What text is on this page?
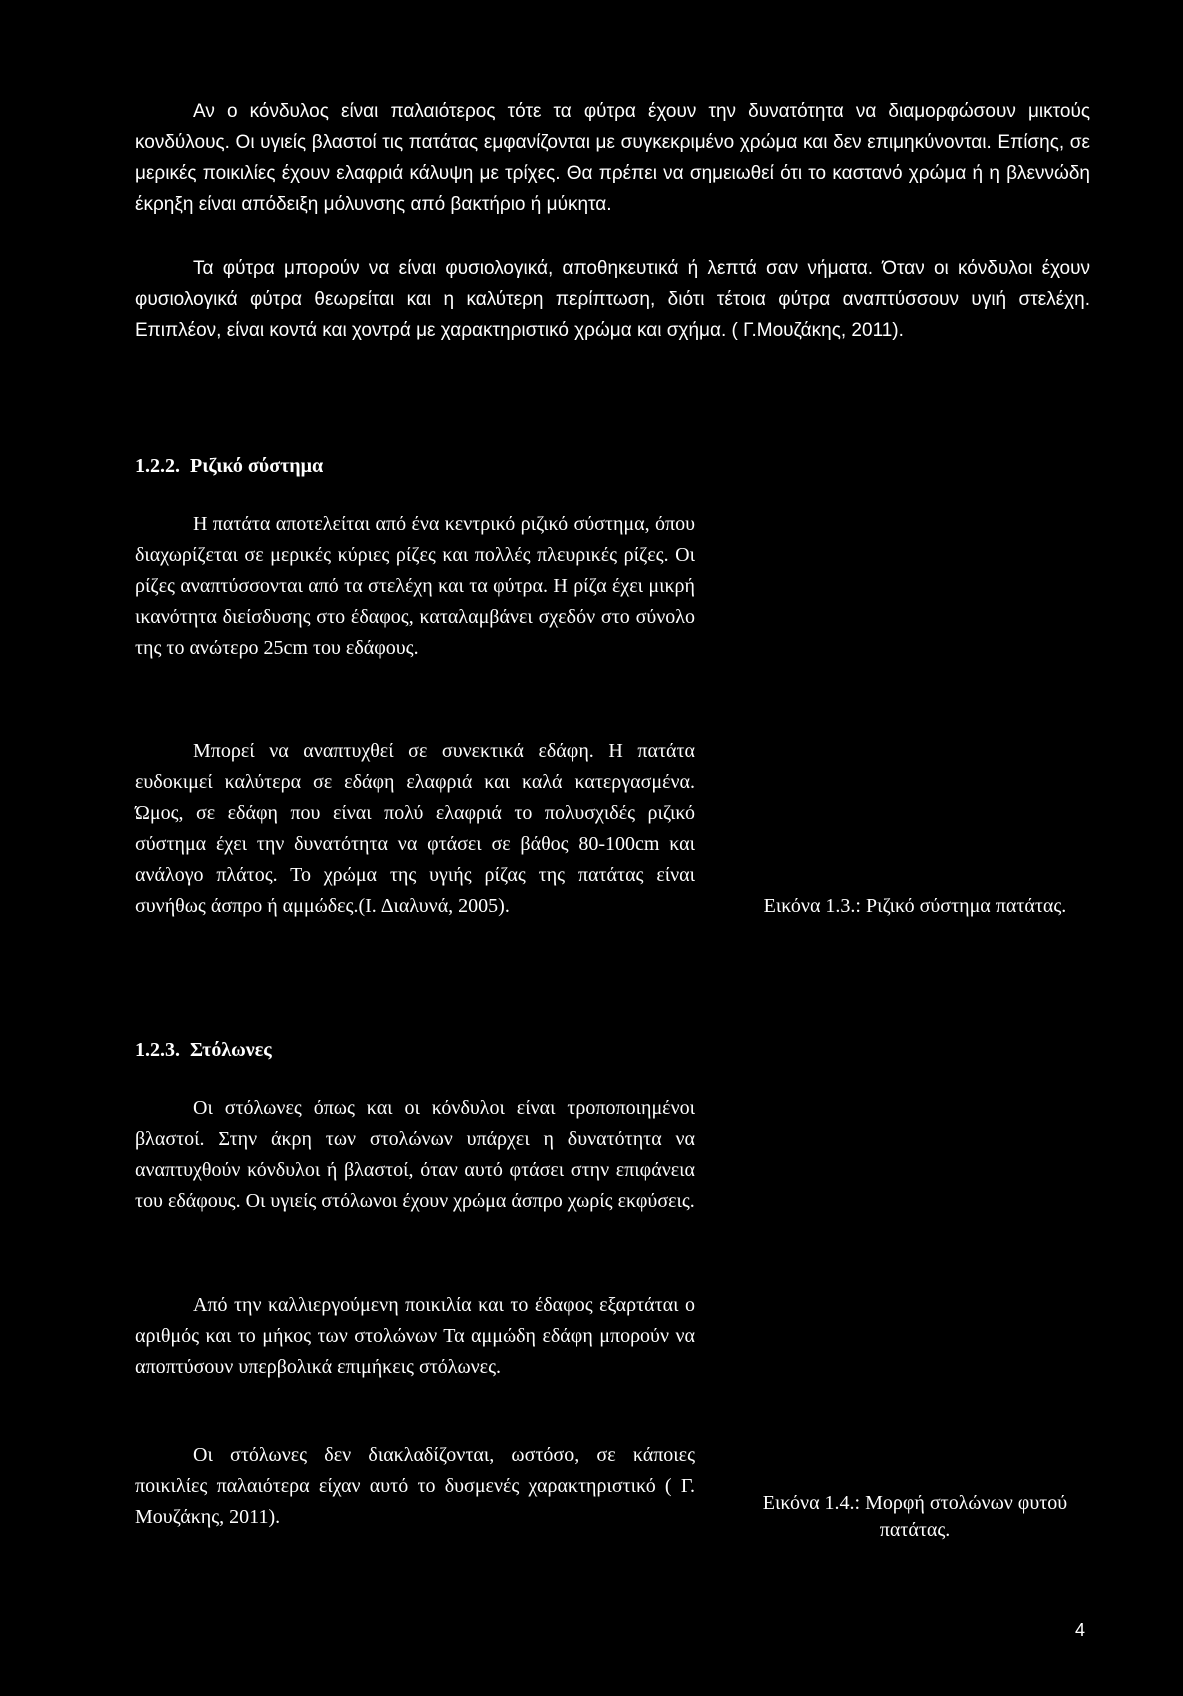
Αν ο κόνδυλος είναι παλαιότερος τότε τα φύτρα έχουν την δυνατότητα να διαμορφώσουν μικτούς κονδύλους. Οι υγιείς βλαστοί τις πατάτας εμφανίζονται με συγκεκριμένο χρώμα και δεν επιμηκύνονται. Επίσης, σε μερικές ποικιλίες έχουν ελαφριά κάλυψη με τρίχες. Θα πρέπει να σημειωθεί ότι το καστανό χρώμα ή η βλεννώδη έκρηξη είναι απόδειξη μόλυνσης από βακτήριο ή μύκητα.

Τα φύτρα μπορούν να είναι φυσιολογικά, αποθηκευτικά ή λεπτά σαν νήματα. Όταν οι κόνδυλοι έχουν φυσιολογικά φύτρα θεωρείται και η καλύτερη περίπτωση, διότι τέτοια φύτρα αναπτύσσουν υγιή στελέχη. Επιπλέον, είναι κοντά και χοντρά με χαρακτηριστικό χρώμα και σχήμα. ( Γ.Μουζάκης, 2011).

1.2.2. Ριζικό σύστημα

Η πατάτα αποτελείται από ένα κεντρικό ριζικό σύστημα, όπου διαχωρίζεται σε μερικές κύριες ρίζες και πολλές πλευρικές ρίζες. Οι ρίζες αναπτύσσονται από τα στελέχη και τα φύτρα. Η ρίζα έχει μικρή ικανότητα διείσδυσης στο έδαφος, καταλαμβάνει σχεδόν στο σύνολο της το ανώτερο 25cm του εδάφους.

Μπορεί να αναπτυχθεί σε συνεκτικά εδάφη. Η πατάτα ευδοκιμεί καλύτερα σε εδάφη ελαφριά και καλά κατεργασμένα. Ώμος, σε εδάφη που είναι πολύ ελαφριά το πολυσχιδές ριζικό σύστημα έχει την δυνατότητα να φτάσει σε βάθος 80-100cm και ανάλογο πλάτος. Το χρώμα της υγιής ρίζας της πατάτας είναι συνήθως άσπρο ή αμμώδες.(Ι. Διαλυνά, 2005).	Εικόνα 1.3.: Ριζικό σύστημα πατάτας.

1.2.3. Στόλωνες

Οι στόλωνες όπως και οι κόνδυλοι είναι τροποποιημένοι βλαστοί. Στην άκρη των στολώνων υπάρχει η δυνατότητα να αναπτυχθούν κόνδυλοι ή βλαστοί, όταν αυτό φτάσει στην επιφάνεια του εδάφους. Οι υγιείς στόλωνοι έχουν χρώμα άσπρο χωρίς εκφύσεις.

Από την καλλιεργούμενη ποικιλία και το έδαφος εξαρτάται ο αριθμός και το μήκος των στολώνων Τα αμμώδη εδάφη μπορούν να αποπτύσουν υπερβολικά επιμήκεις στόλωνες.

Οι στόλωνες δεν διακλαδίζονται, ωστόσο, σε κάποιες ποικιλίες παλαιότερα είχαν αυτό το δυσμενές χαρακτηριστικό ( Γ. Μουζάκης, 2011).

Εικόνα 1.4.: Μορφή στολώνων φυτού πατάτας.

4
